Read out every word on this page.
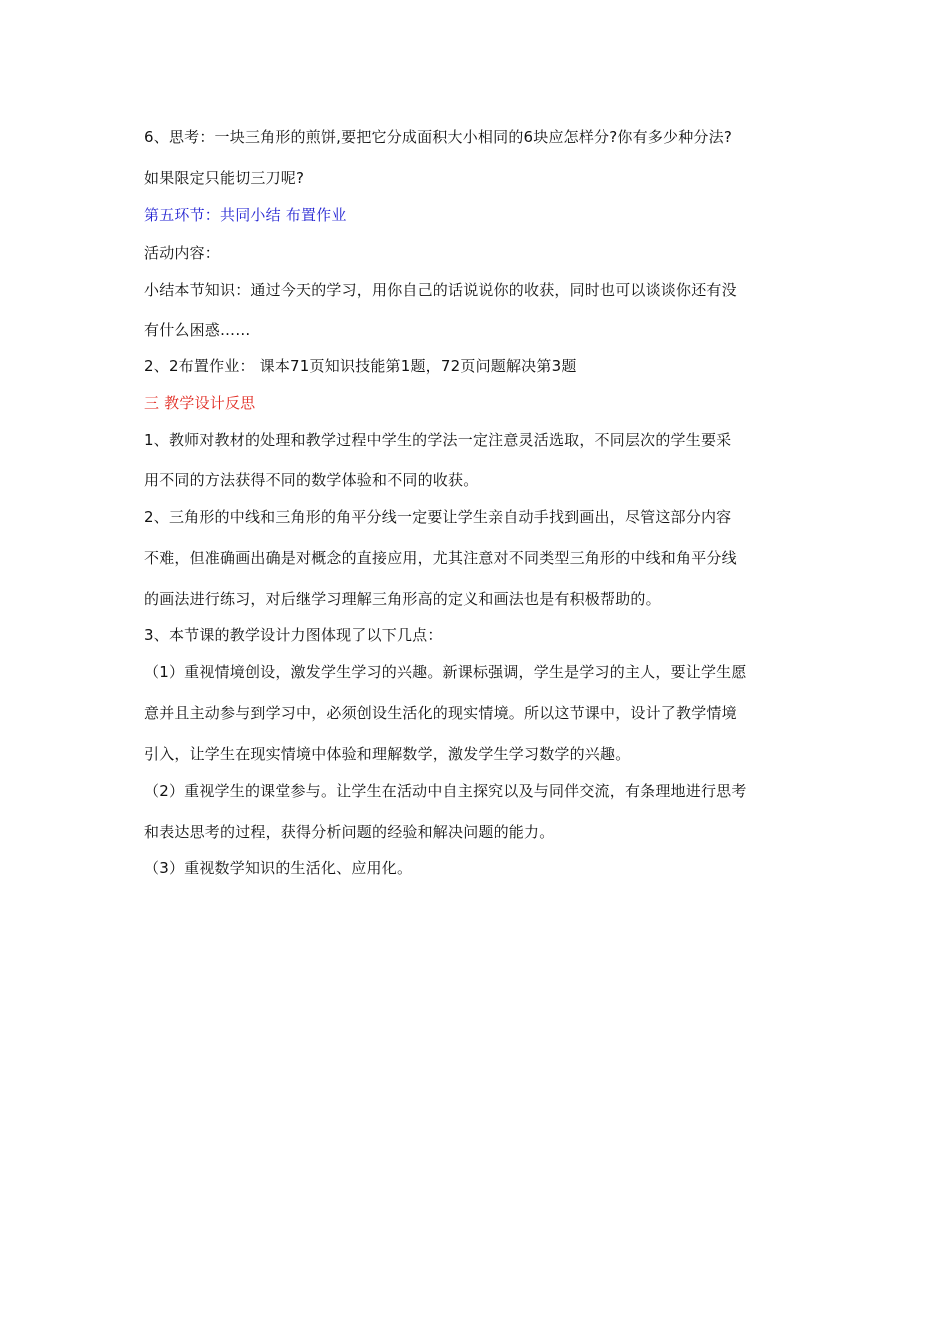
6、思考：一块三角形的煎饼,要把它分成面积大小相同的6块应怎样分?你有多少种分法?
如果限定只能切三刀呢?
第五环节：共同小结 布置作业
活动内容：
小结本节知识：通过今天的学习，用你自己的话说说你的收获，同时也可以谈谈你还有没
有什么困惑……
2、2布置作业： 课本71页知识技能第1题，72页问题解决第3题
三 教学设计反思
1、教师对教材的处理和教学过程中学生的学法一定注意灵活选取，不同层次的学生要采
用不同的方法获得不同的数学体验和不同的收获。
2、三角形的中线和三角形的角平分线一定要让学生亲自动手找到画出，尽管这部分内容
不难，但准确画出确是对概念的直接应用，尤其注意对不同类型三角形的中线和角平分线
的画法进行练习，对后继学习理解三角形高的定义和画法也是有积极帮助的。
3、本节课的教学设计力图体现了以下几点：
（1）重视情境创设，激发学生学习的兴趣。新课标强调，学生是学习的主人，要让学生愿
意并且主动参与到学习中，必须创设生活化的现实情境。所以这节课中，设计了教学情境
引入，让学生在现实情境中体验和理解数学，激发学生学习数学的兴趣。
（2）重视学生的课堂参与。让学生在活动中自主探究以及与同伴交流，有条理地进行思考
和表达思考的过程，获得分析问题的经验和解决问题的能力。
（3）重视数学知识的生活化、应用化。
